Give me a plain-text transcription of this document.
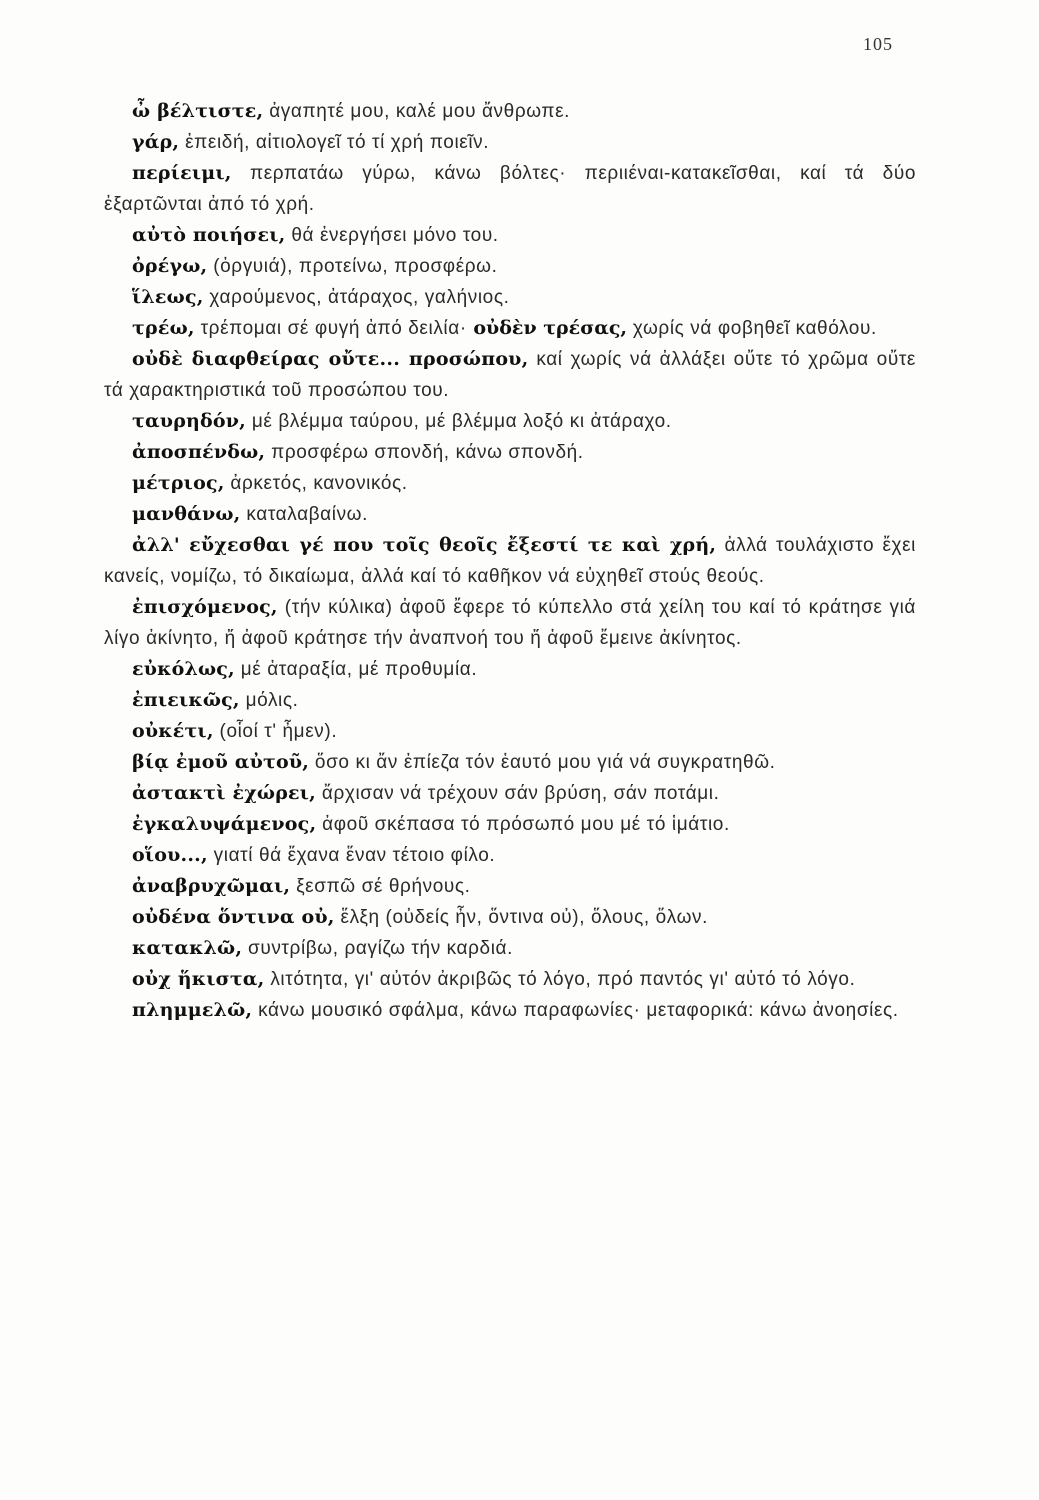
105

ὦ βέλτιστε, ἀγαπητέ μου, καλέ μου ἄνθρωπε.

γάρ, ἐπειδή, αἰτιολογεῖ τό τί χρή ποιεῖν.

περίειμι, περπατάω γύρω, κάνω βόλτες· περιιέναι-κατακεῖσθαι, καί τά δύο ἐξαρτῶνται ἀπό τό χρή.

αὐτὸ ποιήσει, θά ἐνεργήσει μόνο του.

ὀρέγω, (ὀργυιά), προτείνω, προσφέρω.

ἵλεως, χαρούμενος, ἀτάραχος, γαλήνιος.

τρέω, τρέπομαι σέ φυγή ἀπό δειλία· οὐδὲν τρέσας, χωρίς νά φοβηθεῖ καθόλου.

οὐδὲ διαφθείρας οὔτε... προσώπου, καί χωρίς νά ἀλλάξει οὔτε τό χρῶμα οὔτε τά χαρακτηριστικά τοῦ προσώπου του.

ταυρηδόν, μέ βλέμμα ταύρου, μέ βλέμμα λοξό κι ἀτάραχο.

ἀποσπένδω, προσφέρω σπονδή, κάνω σπονδή.

μέτριος, ἀρκετός, κανονικός.

μανθάνω, καταλαβαίνω.

ἀλλ' εὔχεσθαι γέ που τοῖς θεοῖς ἔξεστί τε καὶ χρή, ἀλλά τουλάχιστο ἔχει κανείς, νομίζω, τό δικαίωμα, ἀλλά καί τό καθῆκον νά εὐχηθεῖ στούς θεούς.

ἐπισχόμενος, (τήν κύλικα) ἀφοῦ ἔφερε τό κύπελλο στά χείλη του καί τό κράτησε γιά λίγο ἀκίνητο, ἤ ἀφοῦ κράτησε τήν ἀναπνοή του ἤ ἀφοῦ ἔμεινε ἀκίνητος.

εὐκόλως, μέ ἀταραξία, μέ προθυμία.

ἐπιεικῶς, μόλις.

οὐκέτι, (οἷοί τ' ἦμεν).

βίᾳ ἐμοῦ αὐτοῦ, ὅσο κι ἄν ἐπίεζα τόν ἑαυτό μου γιά νά συγκρατηθῶ.

ἀστακτὶ ἐχώρει, ἄρχισαν νά τρέχουν σάν βρύση, σάν ποτάμι.

ἐγκαλυψάμενος, ἀφοῦ σκέπασα τό πρόσωπό μου μέ τό ἱμάτιο.

οἵου..., γιατί θά ἔχανα ἕναν τέτοιο φίλο.

ἀναβρυχῶμαι, ξεσπῶ σέ θρήνους.

οὐδένα ὅντινα οὐ, ἕλξη (οὐδείς ἦν, ὅντινα οὐ), ὅλους, ὅλων.

κατακλῶ, συντρίβω, ραγίζω τήν καρδιά.

οὐχ ἥκιστα, λιτότητα, γι' αὐτόν ἀκριβῶς τό λόγο, πρό παντός γι' αὐτό τό λόγο.

πλημμελῶ, κάνω μουσικό σφάλμα, κάνω παραφωνίες· μεταφορικά: κάνω ἀνοησίες.
